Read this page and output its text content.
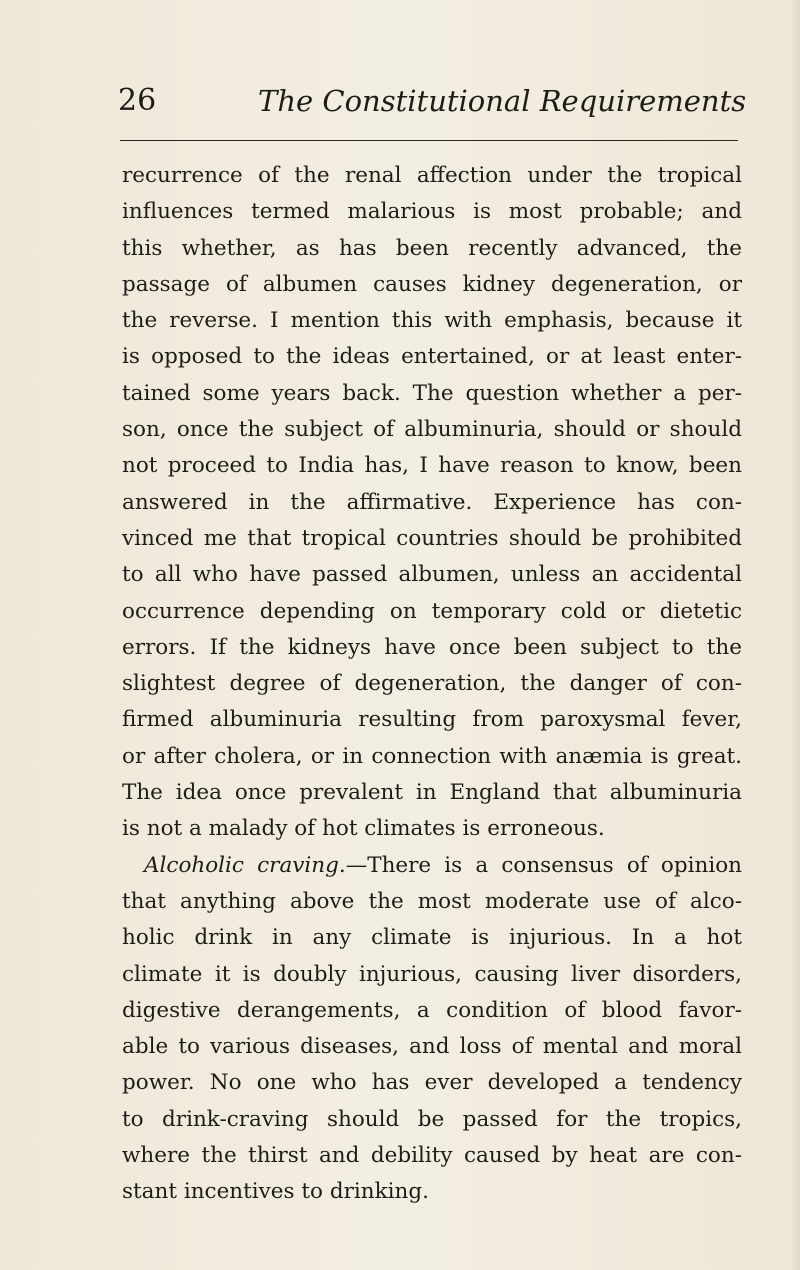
26	The Constitutional Requirements
recurrence of the renal affection under the tropical
influences termed malarious is most probable; and
this whether, as has been recently advanced, the
passage of albumen causes kidney degeneration, or
the reverse. I mention this with emphasis, because it
is opposed to the ideas entertained, or at least enter-
tained some years back. The question whether a per-
son, once the subject of albuminuria, should or should
not proceed to India has, I have reason to know, been
answered in the affirmative. Experience has con-
vinced me that tropical countries should be prohibited
to all who have passed albumen, unless an accidental
occurrence depending on temporary cold or dietetic
errors. If the kidneys have once been subject to the
slightest degree of degeneration, the danger of con-
firmed albuminuria resulting from paroxysmal fever,
or after cholera, or in connection with anæmia is great.
The idea once prevalent in England that albuminuria
is not a malady of hot climates is erroneous.
Alcoholic craving.—There is a consensus of opinion
that anything above the most moderate use of alco-
holic drink in any climate is injurious. In a hot
climate it is doubly injurious, causing liver disorders,
digestive derangements, a condition of blood favor-
able to various diseases, and loss of mental and moral
power. No one who has ever developed a tendency
to drink-craving should be passed for the tropics,
where the thirst and debility caused by heat are con-
stant incentives to drinking.
